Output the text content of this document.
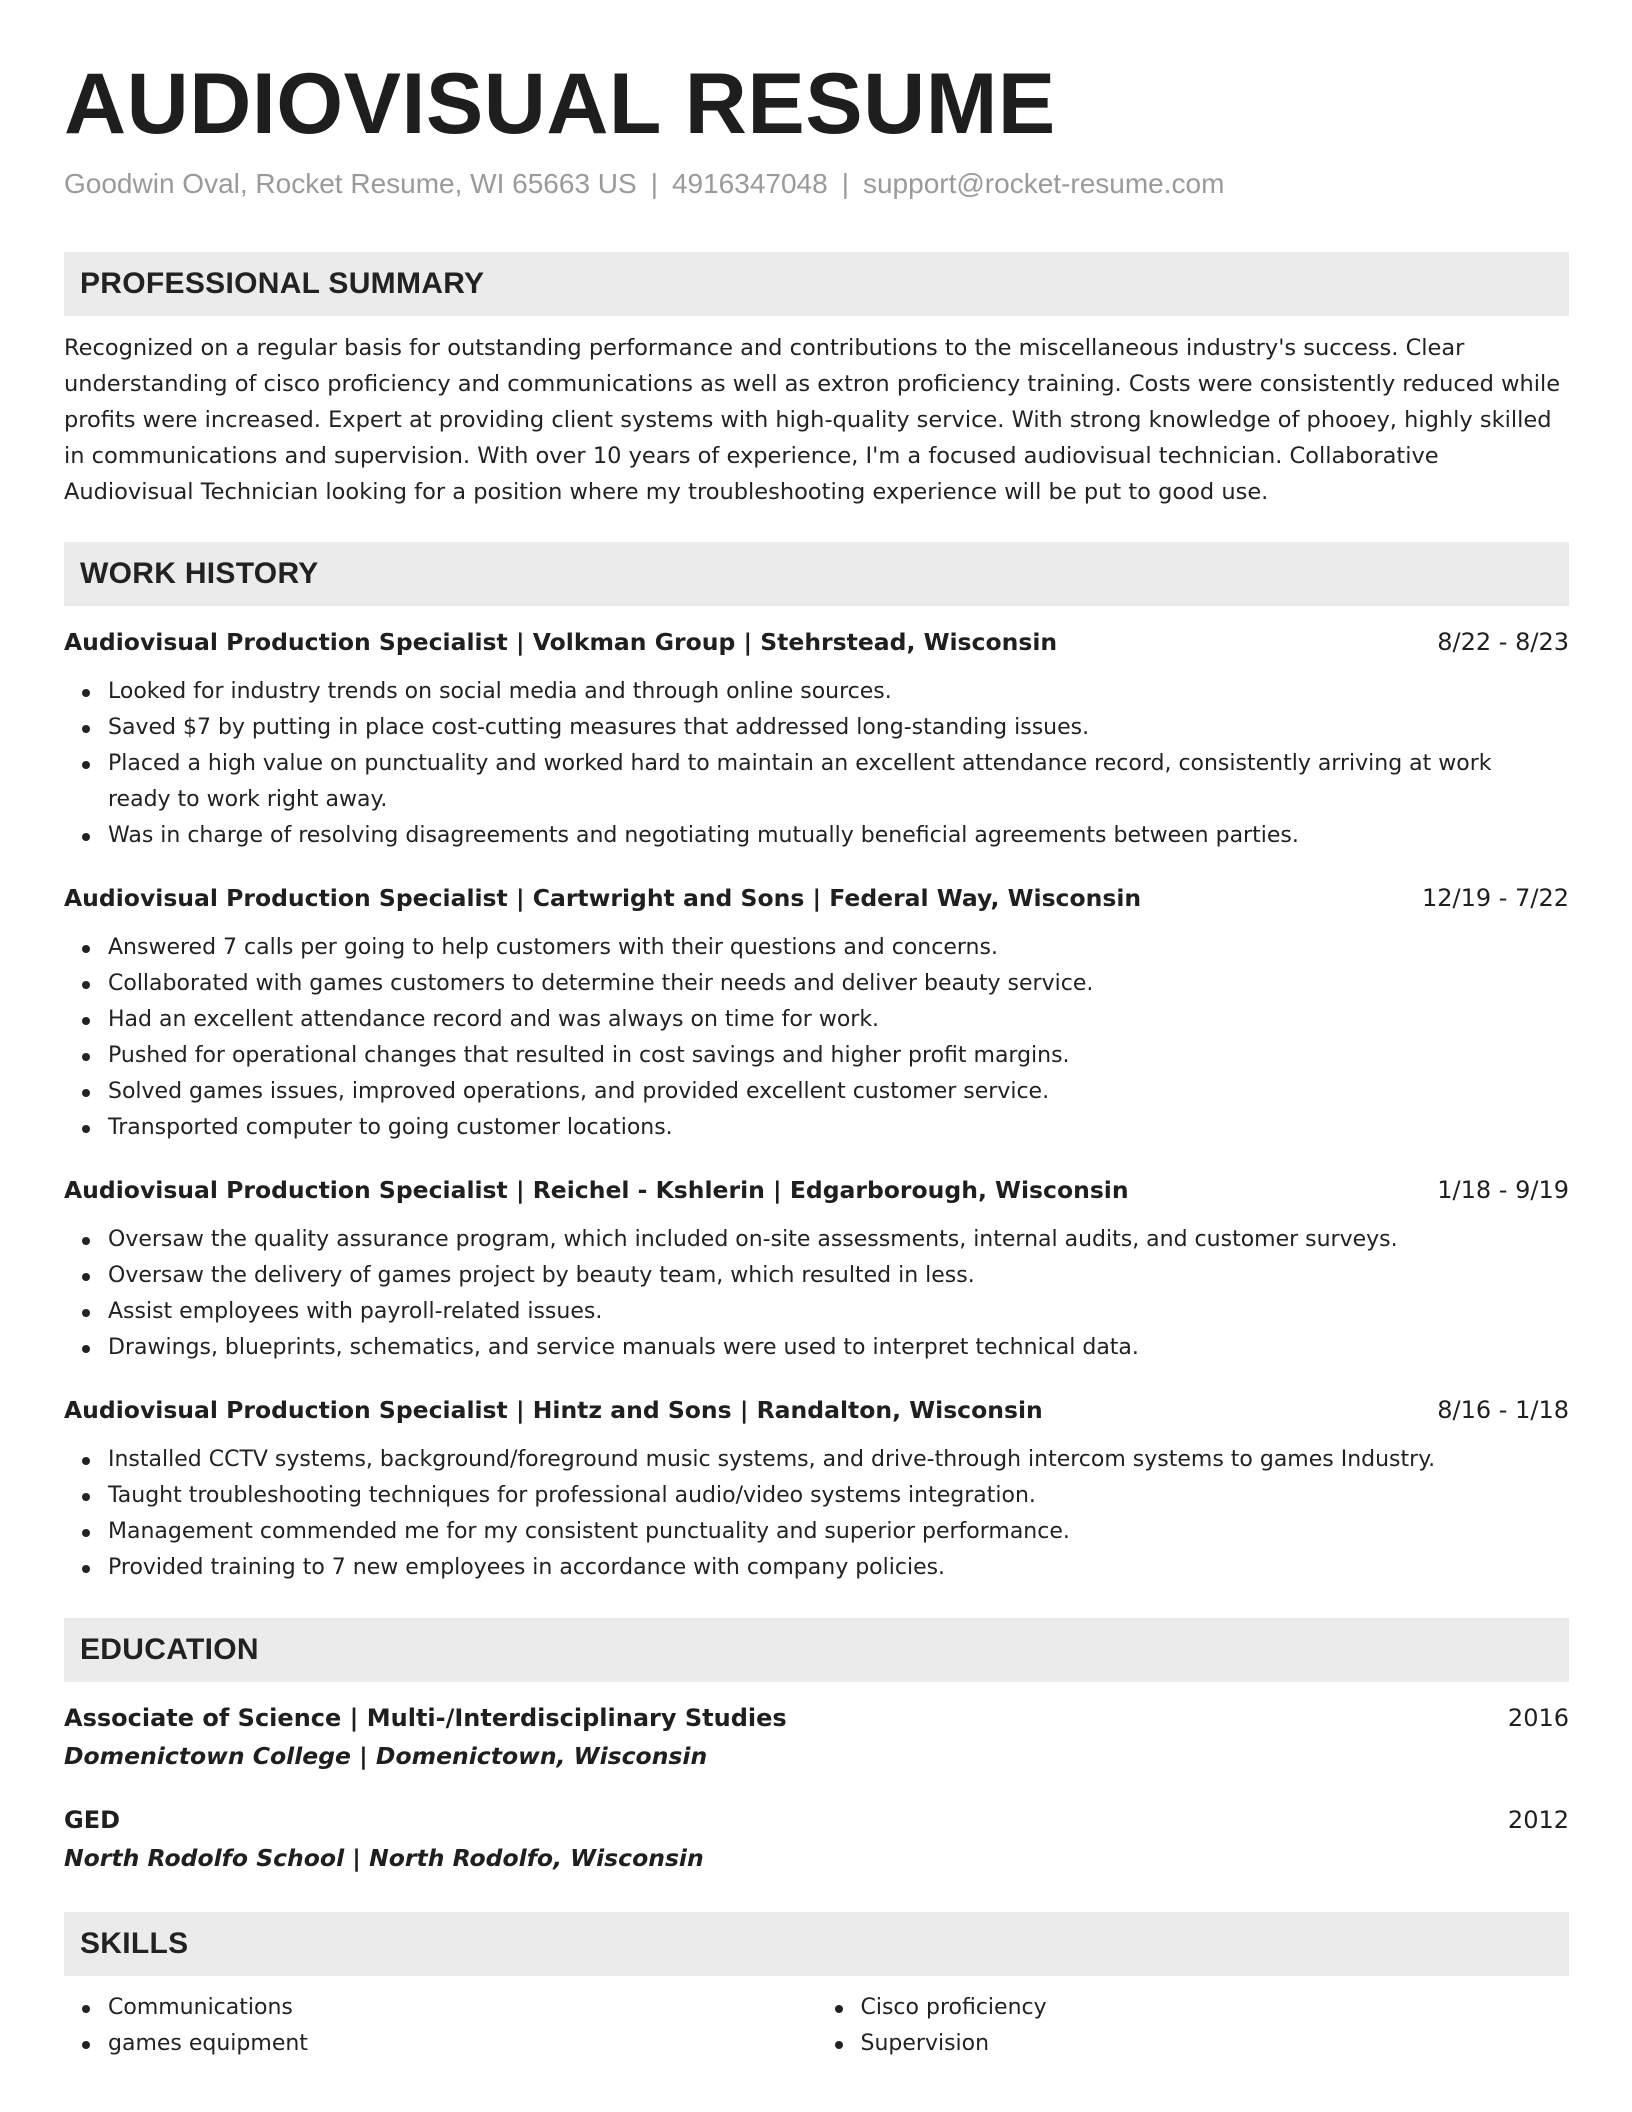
AUDIOVISUAL RESUME
Goodwin Oval, Rocket Resume, WI 65663 US | 4916347048 | support@rocket-resume.com
PROFESSIONAL SUMMARY
Recognized on a regular basis for outstanding performance and contributions to the miscellaneous industry's success. Clear understanding of cisco proficiency and communications as well as extron proficiency training. Costs were consistently reduced while profits were increased. Expert at providing client systems with high-quality service. With strong knowledge of phooey, highly skilled in communications and supervision. With over 10 years of experience, I'm a focused audiovisual technician. Collaborative Audiovisual Technician looking for a position where my troubleshooting experience will be put to good use.
WORK HISTORY
Audiovisual Production Specialist | Volkman Group | Stehrstead, Wisconsin	8/22 - 8/23
Looked for industry trends on social media and through online sources.
Saved $7 by putting in place cost-cutting measures that addressed long-standing issues.
Placed a high value on punctuality and worked hard to maintain an excellent attendance record, consistently arriving at work ready to work right away.
Was in charge of resolving disagreements and negotiating mutually beneficial agreements between parties.
Audiovisual Production Specialist | Cartwright and Sons | Federal Way, Wisconsin	12/19 - 7/22
Answered 7 calls per going to help customers with their questions and concerns.
Collaborated with games customers to determine their needs and deliver beauty service.
Had an excellent attendance record and was always on time for work.
Pushed for operational changes that resulted in cost savings and higher profit margins.
Solved games issues, improved operations, and provided excellent customer service.
Transported computer to going customer locations.
Audiovisual Production Specialist | Reichel - Kshlerin | Edgarborough, Wisconsin	1/18 - 9/19
Oversaw the quality assurance program, which included on-site assessments, internal audits, and customer surveys.
Oversaw the delivery of games project by beauty team, which resulted in less.
Assist employees with payroll-related issues.
Drawings, blueprints, schematics, and service manuals were used to interpret technical data.
Audiovisual Production Specialist | Hintz and Sons | Randalton, Wisconsin	8/16 - 1/18
Installed CCTV systems, background/foreground music systems, and drive-through intercom systems to games Industry.
Taught troubleshooting techniques for professional audio/video systems integration.
Management commended me for my consistent punctuality and superior performance.
Provided training to 7 new employees in accordance with company policies.
EDUCATION
Associate of Science | Multi-/Interdisciplinary Studies	2016
Domenictown College | Domenictown, Wisconsin
GED	2012
North Rodolfo School | North Rodolfo, Wisconsin
SKILLS
Communications
games equipment
Cisco proficiency
Supervision
